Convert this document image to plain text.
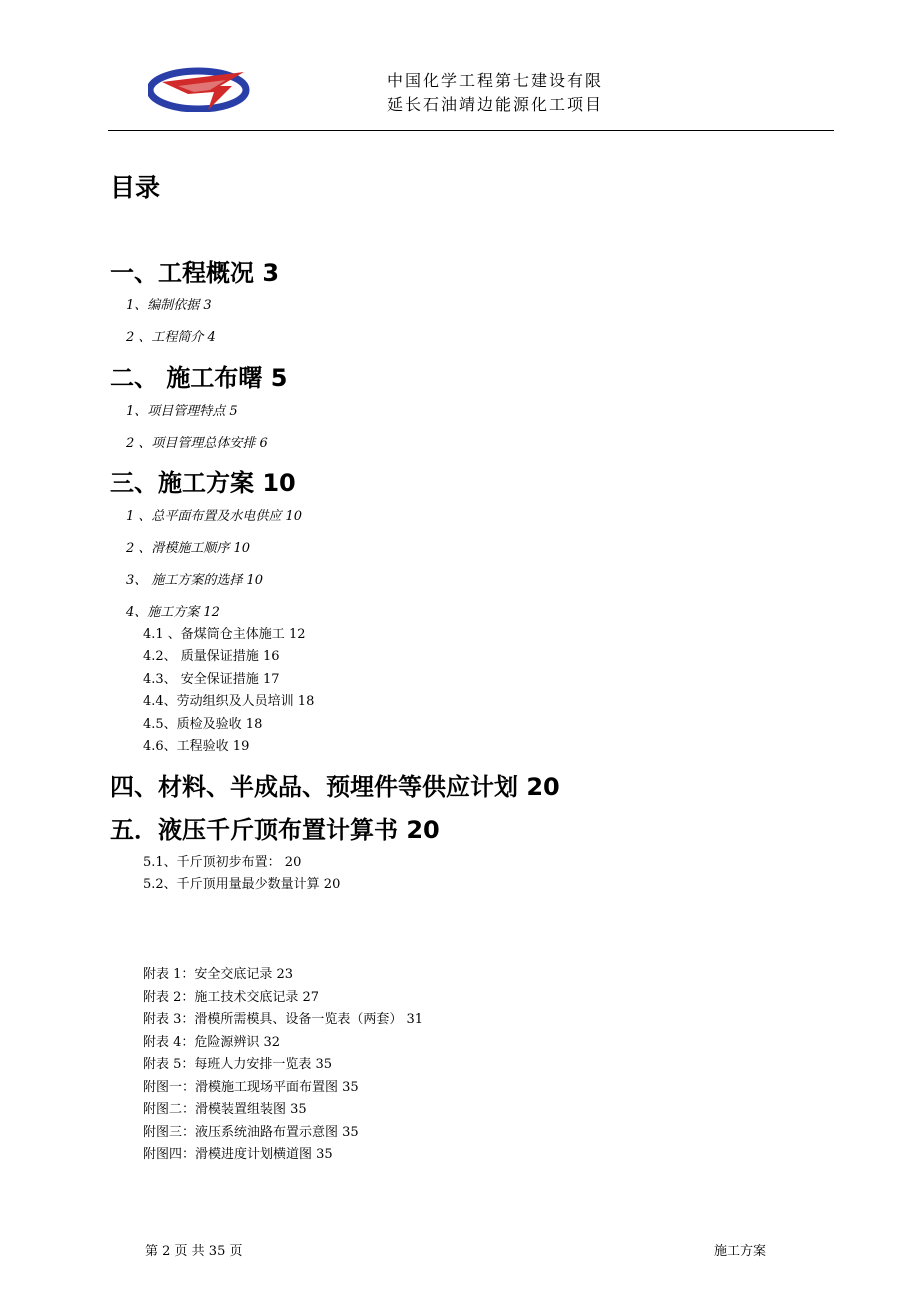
中国化学工程第七建设有限
延长石油靖边能源化工项目
目录
一、工程概况 3
1、编制依据 3
2 、工程简介 4
二、 施工布曙 5
1、项目管理特点 5
2 、项目管理总体安排 6
三、施工方案 10
1 、总平面布置及水电供应 10
2 、滑模施工顺序 10
3、 施工方案的选择 10
4、施工方案 12
4.1 、备煤筒仓主体施工 12
4.2、 质量保证措施 16
4.3、 安全保证措施 17
4.4、劳动组织及人员培训 18
4.5、质检及验收 18
4.6、工程验收 19
四、材料、半成品、预埋件等供应计划 20
五．液压千斤顶布置计算书 20
5.1、千斤顶初步布置： 20
5.2、千斤顶用量最少数量计算 20
附表 1：安全交底记录 23
附表 2：施工技术交底记录 27
附表 3：滑模所需模具、设备一览表（两套） 31
附表 4：危险源辨识 32
附表 5：每班人力安排一览表 35
附图一：滑模施工现场平面布置图 35
附图二：滑模装置组装图 35
附图三：液压系统油路布置示意图 35
附图四：滑模进度计划横道图 35
第 2 页 共 35 页	施工方案
